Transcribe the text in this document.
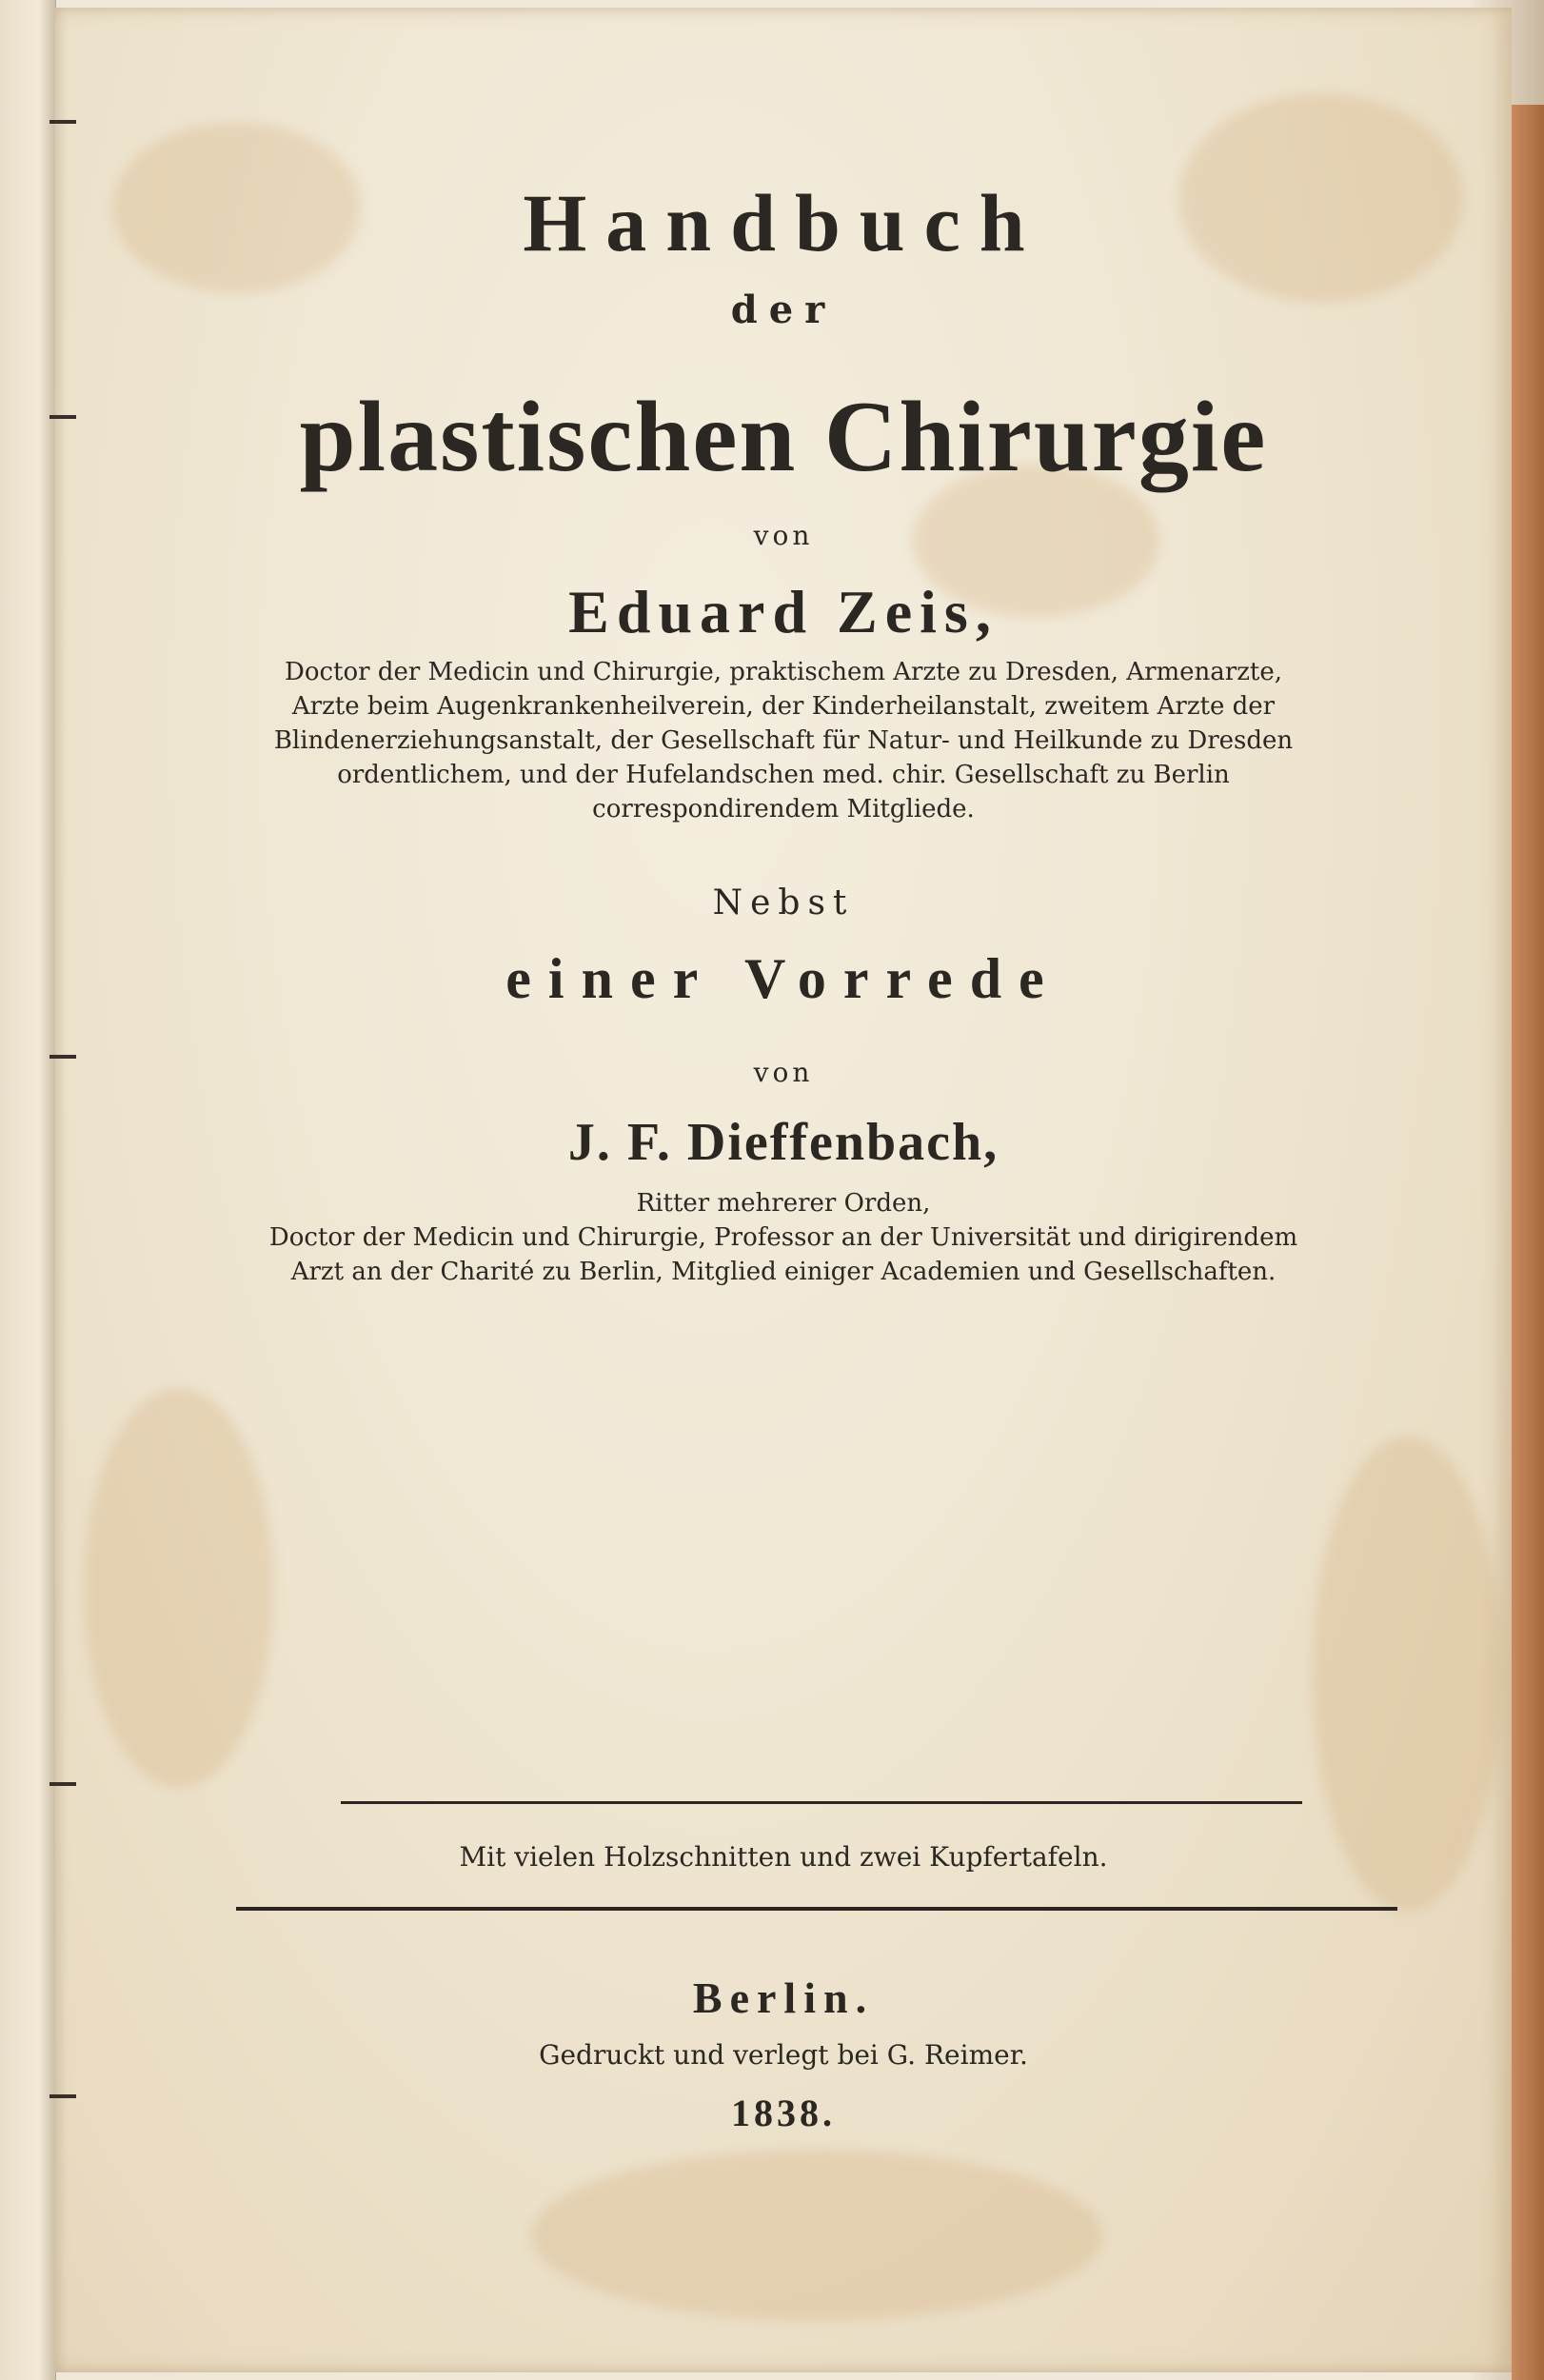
Handbuch
der
plastischen Chirurgie
von
Eduard Zeis,
Doctor der Medicin und Chirurgie, praktischem Arzte zu Dresden, Armenarzte,
Arzte beim Augenkrankenheilverein, der Kinderheilanstalt, zweitem Arzte der
Blindenerziehungsanstalt, der Gesellschaft für Natur- und Heilkunde zu Dresden
ordentlichem, und der Hufelandschen med. chir. Gesellschaft zu Berlin
correspondirendem Mitgliede.
Nebst
einer Vorrede
von
J. F. Dieffenbach,
Ritter mehrerer Orden,
Doctor der Medicin und Chirurgie, Professor an der Universität und dirigirendem
Arzt an der Charité zu Berlin, Mitglied einiger Academien und Gesellschaften.
Mit vielen Holzschnitten und zwei Kupfertafeln.
Berlin.
Gedruckt und verlegt bei G. Reimer.
1838.
